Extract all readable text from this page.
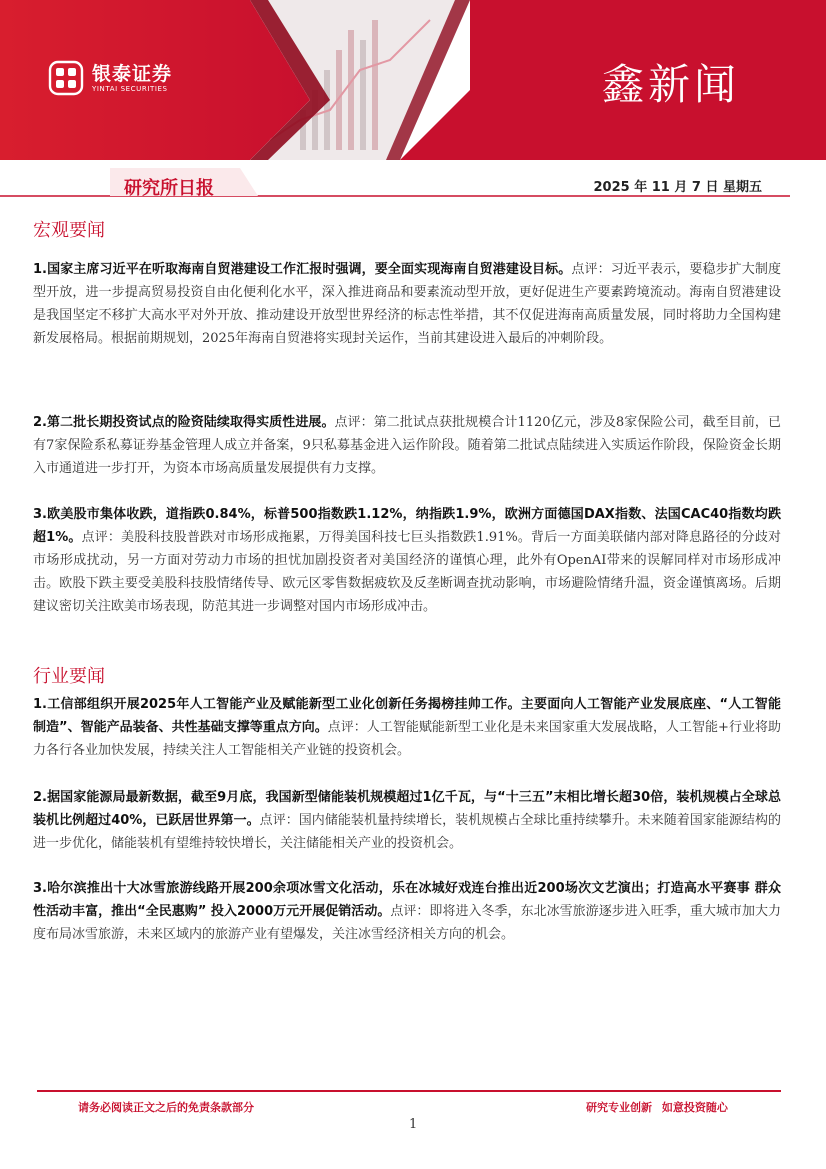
银泰证券
YINTAI SECURITIES	鑫新闻
研究所日报	2025 年 11 月 7 日 星期五
宏观要闻
1.国家主席习近平在听取海南自贸港建设工作汇报时强调，要全面实现海南自贸港建设目标。点评：习近平表示，要稳步扩大制度型开放，进一步提高贸易投资自由化便利化水平，深入推进商品和要素流动型开放，更好促进生产要素跨境流动。海南自贸港建设是我国坚定不移扩大高水平对外开放、推动建设开放型世界经济的标志性举措，其不仅促进海南高质量发展，同时将助力全国构建新发展格局。根据前期规划，2025年海南自贸港将实现封关运作，当前其建设进入最后的冲刺阶段。
2.第二批长期投资试点的险资陆续取得实质性进展。点评：第二批试点获批规模合计1120亿元，涉及8家保险公司，截至目前，已有7家保险系私募证券基金管理人成立并备案，9只私募基金进入运作阶段。随着第二批试点陆续进入实质运作阶段，保险资金长期入市通道进一步打开，为资本市场高质量发展提供有力支撑。
3.欧美股市集体收跌，道指跌0.84%，标普500指数跌1.12%，纳指跌1.9%，欧洲方面德国DAX指数、法国CAC40指数均跌超1%。点评：美股科技股普跌对市场形成拖累，万得美国科技七巨头指数跌1.91%。背后一方面美联储内部对降息路径的分歧对市场形成扰动，另一方面对劳动力市场的担忧加剧投资者对美国经济的谨慎心理，此外有OpenAI带来的误解同样对市场形成冲击。欧股下跌主要受美股科技股情绪传导、欧元区零售数据疲软及反垄断调查扰动影响，市场避险情绪升温，资金谨慎离场。后期建议密切关注欧美市场表现，防范其进一步调整对国内市场形成冲击。
行业要闻
1.工信部组织开展2025年人工智能产业及赋能新型工业化创新任务揭榜挂帅工作。主要面向人工智能产业发展底座、“人工智能 制造”、智能产品装备、共性基础支撑等重点方向。点评：人工智能赋能新型工业化是未来国家重大发展战略，人工智能+行业将助力各行各业加快发展，持续关注人工智能相关产业链的投资机会。
2.据国家能源局最新数据，截至9月底，我国新型储能装机规模超过1亿千瓦，与“十三五”末相比增长超30倍，装机规模占全球总装机比例超过40%，已跃居世界第一。点评：国内储能装机量持续增长，装机规模占全球比重持续攀升。未来随着国家能源结构的进一步优化，储能装机有望维持较快增长，关注储能相关产业的投资机会。
3.哈尔滨推出十大冰雪旅游线路开展200余项冰雪文化活动，乐在冰城好戏连台推出近200场次文艺演出；打造高水平赛事 群众性活动丰富，推出“全民惠购” 投入2000万元开展促销活动。点评：即将进入冬季，东北冰雪旅游逐步进入旺季，重大城市加大力度布局冰雪旅游，未来区域内的旅游产业有望爆发，关注冰雪经济相关方向的机会。
请务必阅读正文之后的免责条款部分	研究专业创新 如意投资随心
1
